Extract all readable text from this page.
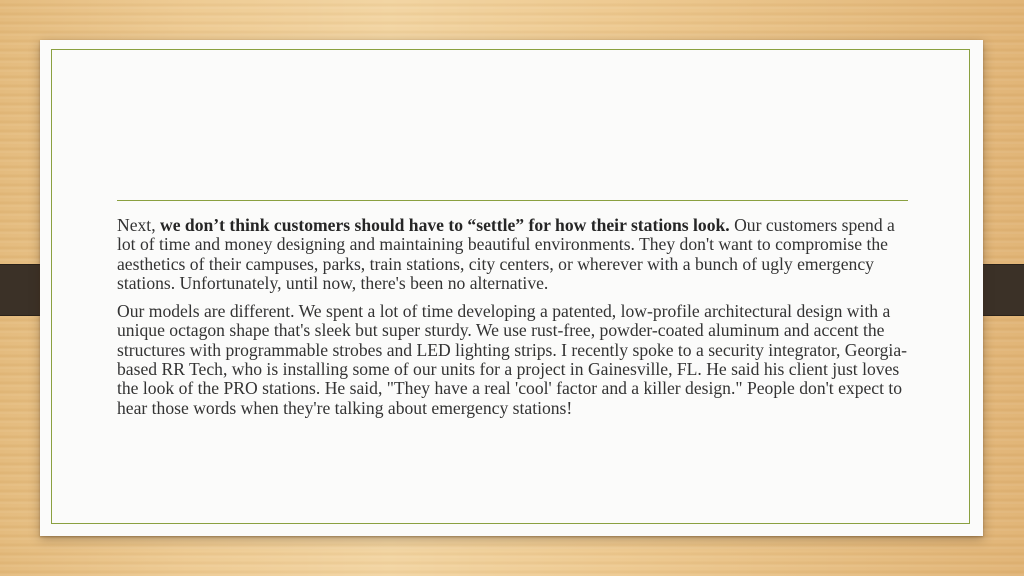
Next, we don’t think customers should have to “settle” for how their stations look. Our customers spend a lot of time and money designing and maintaining beautiful environments. They don't want to compromise the aesthetics of their campuses, parks, train stations, city centers, or wherever with a bunch of ugly emergency stations. Unfortunately, until now, there's been no alternative.

Our models are different. We spent a lot of time developing a patented, low-profile architectural design with a unique octagon shape that's sleek but super sturdy. We use rust-free, powder-coated aluminum and accent the structures with programmable strobes and LED lighting strips. I recently spoke to a security integrator, Georgia-based RR Tech, who is installing some of our units for a project in Gainesville, FL. He said his client just loves the look of the PRO stations. He said, "They have a real 'cool' factor and a killer design." People don't expect to hear those words when they're talking about emergency stations!
